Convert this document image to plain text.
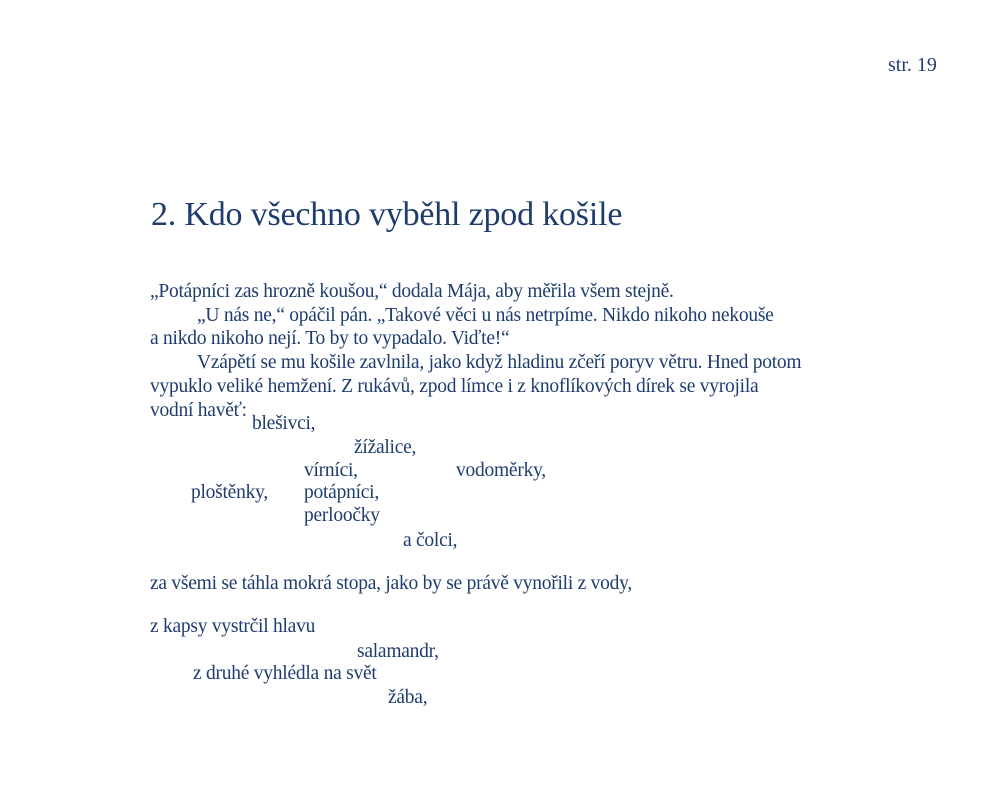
str. 19
2. Kdo všechno vyběhl zpod košile
„Potápníci zas hrozně koušou,“ dodala Mája, aby měřila všem stejně.
„U nás ne,“ opáčil pán. „Takové věci u nás netrpíme. Nikdo nikoho nekouše
a nikdo nikoho nejí. To by to vypadalo. Viďte!“
Vzápětí se mu košile zavlnila, jako když hladinu zčeří poryv větru. Hned potom
vypuklo veliké hemžení. Z rukávů, zpod límce i z knoflíkových dírek se vyrojila
vodní havěť:
blešivci,
žížalice,
vírníci,	vodoměrky,
ploštěnky, potápníci,
perloočky
a čolci,
za všemi se táhla mokrá stopa, jako by se právě vynořili z vody,
z kapsy vystrčil hlavu
salamandr,
z druhé vyhlédla na svět
žába,
